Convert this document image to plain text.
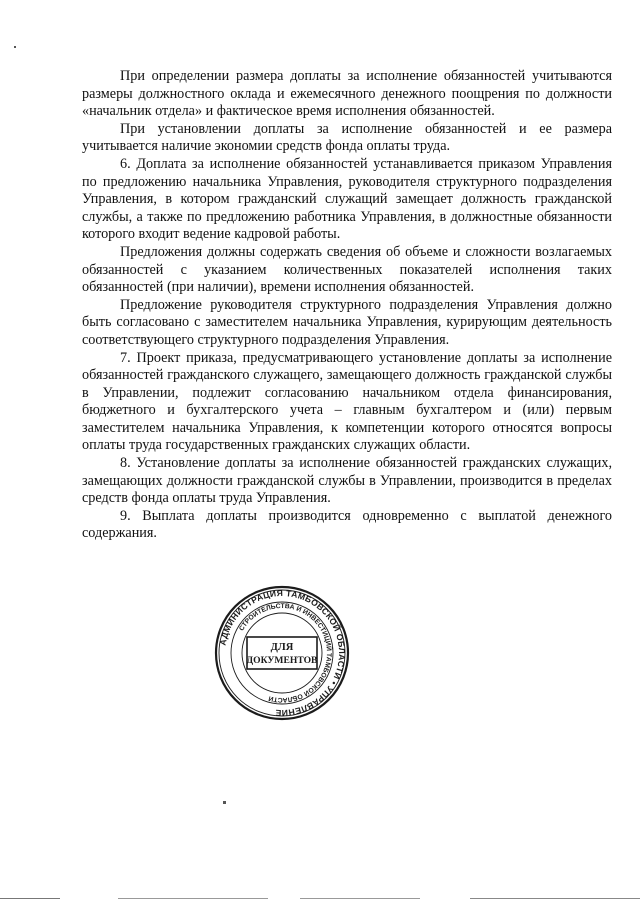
При определении размера доплаты за исполнение обязанностей учитываются размеры должностного оклада и ежемесячного денежного поощрения по должности «начальник отдела» и фактическое время исполнения обязанностей.

При установлении доплаты за исполнение обязанностей и ее размера учитывается наличие экономии средств фонда оплаты труда.

6. Доплата за исполнение обязанностей устанавливается приказом Управления по предложению начальника Управления, руководителя структурного подразделения Управления, в котором гражданский служащий замещает должность гражданской службы, а также по предложению работника Управления, в должностные обязанности которого входит ведение кадровой работы.

Предложения должны содержать сведения об объеме и сложности возлагаемых обязанностей с указанием количественных показателей исполнения таких обязанностей (при наличии), времени исполнения обязанностей.

Предложение руководителя структурного подразделения Управления должно быть согласовано с заместителем начальника Управления, курирующим деятельность соответствующего структурного подразделения Управления.

7. Проект приказа, предусматривающего установление доплаты за исполнение обязанностей гражданского служащего, замещающего должность гражданской службы в Управлении, подлежит согласованию начальником отдела финансирования, бюджетного и бухгалтерского учета – главным бухгалтером и (или) первым заместителем начальника Управления, к компетенции которого относятся вопросы оплаты труда государственных гражданских служащих области.

8. Установление доплаты за исполнение обязанностей гражданских служащих, замещающих должности гражданской службы в Управлении, производится в пределах средств фонда оплаты труда Управления.

9. Выплата доплаты производится одновременно с выплатой денежного содержания.

АДМИНИСТРАЦИЯ ТАМБОВСКОЙ ОБЛАСТИ • УПРАВЛЕНИЕ
СТРОИТЕЛЬСТВА И ИНВЕСТИЦИЙ ТАМБОВСКОЙ ОБЛАСТИ
ДЛЯ
ДОКУМЕНТОВ
